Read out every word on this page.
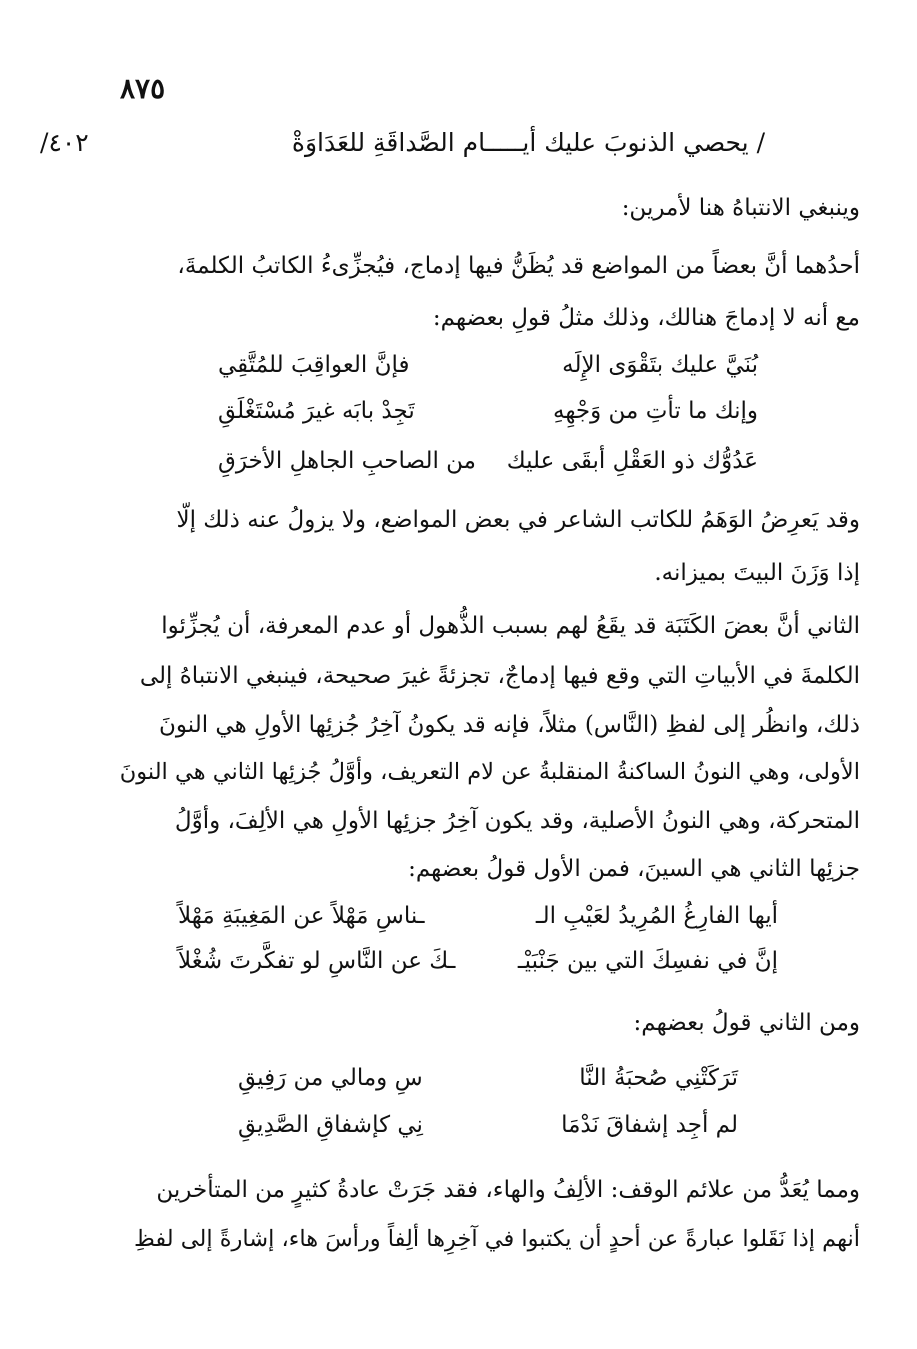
٨٧٥
/ يحصي الذنوبَ عليك أيـــــام الصَّداقَةِ للعَدَاوَةْ
٤٠٢/
وينبغي الانتباهُ هنا لأمرين:
أحدُهما أنَّ بعضاً من المواضع قد يُظَنُّ فيها إدماج، فيُجزِّىءُ الكاتبُ الكلمةَ،
مع أنه لا إدماجَ هنالك، وذلك مثلُ قولِ بعضهم:
بُنَيَّ عليك بتَقْوَى الإِلَه
فإنَّ العواقِبَ للمُتَّقِي
وإنك ما تأتِ من وَجْهِهِ
تَجِدْ بابَه غيرَ مُسْتَغْلَقِ
عَدُوُّك ذو العَقْلِ أبقَى عليك
من الصاحبِ الجاهلِ الأخرَقِ
وقد يَعرِضُ الوَهَمُ للكاتب الشاعر في بعض المواضع، ولا يزولُ عنه ذلك إلّا
إذا وَزَنَ البيتَ بميزانه.
الثاني أنَّ بعضَ الكَتَبَة قد يقَعُ لهم بسبب الذُّهول أو عدم المعرفة، أن يُجزِّئوا
الكلمةَ في الأبياتِ التي وقع فيها إدماجٌ، تجزئةً غيرَ صحيحة، فينبغي الانتباهُ إلى
ذلك، وانظُر إلى لفظِ (النَّاس) مثلاً، فإنه قد يكونُ آخِرُ جُزئِها الأولِ هي النونَ
الأولى، وهي النونُ الساكنةُ المنقلبةُ عن لام التعريف، وأوَّلُ جُزئِها الثاني هي النونَ
المتحركة، وهي النونُ الأصلية، وقد يكون آخِرُ جزئِها الأولِ هي الألِفَ، وأوَّلُ
جزئِها الثاني هي السينَ، فمن الأول قولُ بعضهم:
أيها الفارِغُ المُرِيدُ لعَيْبِ الـ
ـناسِ مَهْلاً عن المَغِيبَةِ مَهْلاً
إنَّ في نفسِكَ التي بين جَنْبَيْـ
ـكَ عن النَّاسِ لو تفكَّرتَ شُغْلاً
ومن الثاني قولُ بعضهم:
تَرَكَتْنِي صُحبَةُ النَّا
سِ ومالي من رَفِيقِ
لم أجِد إشفاقَ نَدْمَا
نِي كإشفاقِ الصَّدِيقِ
ومما يُعَدُّ من علائم الوقف: الألِفُ والهاء، فقد جَرَتْ عادةُ كثيرٍ من المتأخرين
أنهم إذا نَقَلوا عبارةً عن أحدٍ أن يكتبوا في آخِرِها ألِفاً ورأسَ هاء، إشارةً إلى لفظِ
